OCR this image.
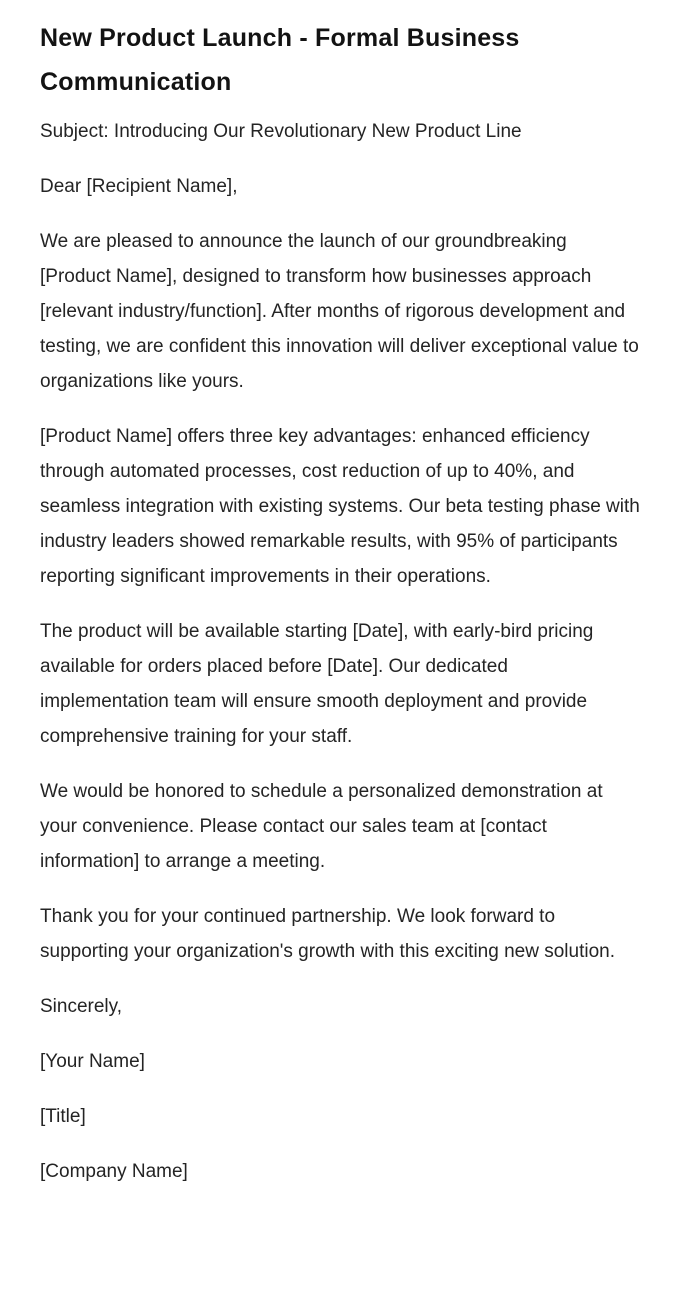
New Product Launch - Formal Business Communication

Subject: Introducing Our Revolutionary New Product Line

Dear [Recipient Name],

We are pleased to announce the launch of our groundbreaking [Product Name], designed to transform how businesses approach [relevant industry/function]. After months of rigorous development and testing, we are confident this innovation will deliver exceptional value to organizations like yours.

[Product Name] offers three key advantages: enhanced efficiency through automated processes, cost reduction of up to 40%, and seamless integration with existing systems. Our beta testing phase with industry leaders showed remarkable results, with 95% of participants reporting significant improvements in their operations.

The product will be available starting [Date], with early-bird pricing available for orders placed before [Date]. Our dedicated implementation team will ensure smooth deployment and provide comprehensive training for your staff.

We would be honored to schedule a personalized demonstration at your convenience. Please contact our sales team at [contact information] to arrange a meeting.

Thank you for your continued partnership. We look forward to supporting your organization's growth with this exciting new solution.

Sincerely,

[Your Name]

[Title]

[Company Name]
